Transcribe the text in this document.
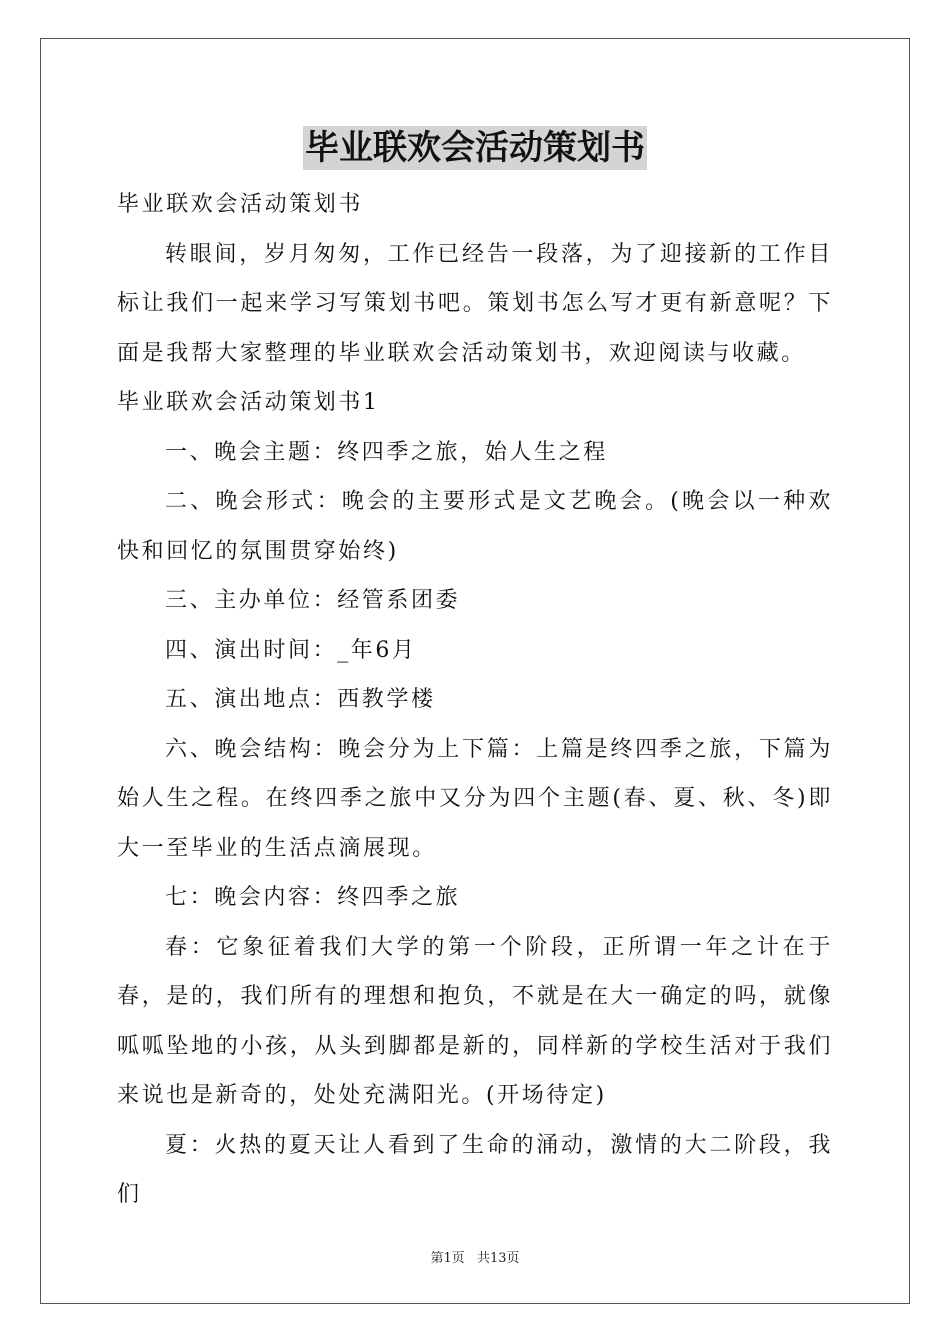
毕业联欢会活动策划书

毕业联欢会活动策划书

转眼间，岁月匆匆，工作已经告一段落，为了迎接新的工作目标让我们一起来学习写策划书吧。策划书怎么写才更有新意呢？下面是我帮大家整理的毕业联欢会活动策划书，欢迎阅读与收藏。

毕业联欢会活动策划书1

一、晚会主题：终四季之旅，始人生之程

二、晚会形式：晚会的主要形式是文艺晚会。(晚会以一种欢快和回忆的氛围贯穿始终)

三、主办单位：经管系团委

四、演出时间：_年6月

五、演出地点：西教学楼

六、晚会结构：晚会分为上下篇：上篇是终四季之旅，下篇为始人生之程。在终四季之旅中又分为四个主题(春、夏、秋、冬)即大一至毕业的生活点滴展现。

七：晚会内容：终四季之旅

春：它象征着我们大学的第一个阶段，正所谓一年之计在于春，是的，我们所有的理想和抱负，不就是在大一确定的吗，就像呱呱坠地的小孩，从头到脚都是新的，同样新的学校生活对于我们来说也是新奇的，处处充满阳光。(开场待定)

夏：火热的夏天让人看到了生命的涌动，激情的大二阶段，我们

第1页 共13页
